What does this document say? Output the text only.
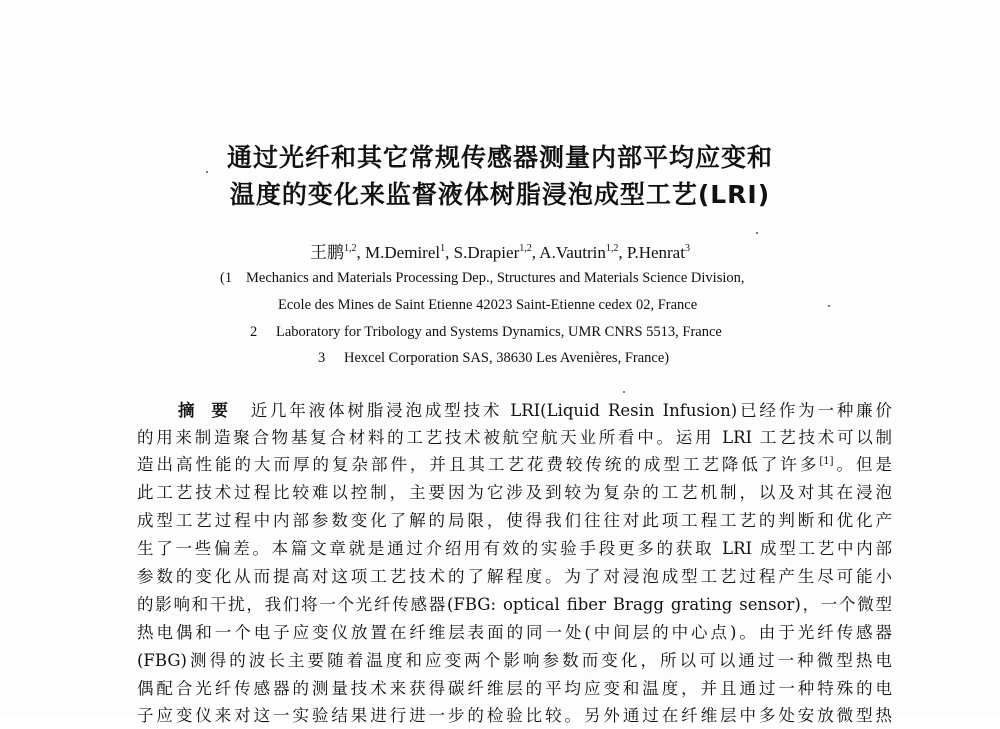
通过光纤和其它常规传感器测量内部平均应变和
温度的变化来监督液体树脂浸泡成型工艺(LRI)
王鹏$^{1,2}$, M.Demirel$^1$, S.Drapier$^{1,2}$, A.Vautrin$^{1,2}$, P.Henrat$^3$
(1 Mechanics and Materials Processing Dep., Structures and Materials Science Division,
Ecole des Mines de Saint Etienne 42023 Saint-Etienne cedex 02, France
2 Laboratory for Tribology and Systems Dynamics, UMR CNRS 5513, France
3 Hexcel Corporation SAS, 38630 Les Avenières, France)
摘要 近几年液体树脂浸泡成型技术 LRI(Liquid Resin Infusion)已经作为一种廉价
的用来制造聚合物基复合材料的工艺技术被航空航天业所看中。运用 LRI 工艺技术可以制
造出高性能的大而厚的复杂部件，并且其工艺花费较传统的成型工艺降低了许多[1]。但是
此工艺技术过程比较难以控制，主要因为它涉及到较为复杂的工艺机制，以及对其在浸泡
成型工艺过程中内部参数变化了解的局限，使得我们往往对此项工程工艺的判断和优化产
生了一些偏差。本篇文章就是通过介绍用有效的实验手段更多的获取 LRI 成型工艺中内部
参数的变化从而提高对这项工艺技术的了解程度。为了对浸泡成型工艺过程产生尽可能小
的影响和干扰，我们将一个光纤传感器(FBG: optical fiber Bragg grating sensor)，一个微型
热电偶和一个电子应变仪放置在纤维层表面的同一处(中间层的中心点)。由于光纤传感器
(FBG)测得的波长主要随着温度和应变两个影响参数而变化，所以可以通过一种微型热电
偶配合光纤传感器的测量技术来获得碳纤维层的平均应变和温度，并且通过一种特殊的电
子应变仪来对这一实验结果进行进一步的检验比较。另外通过在纤维层中多处安放微型热
